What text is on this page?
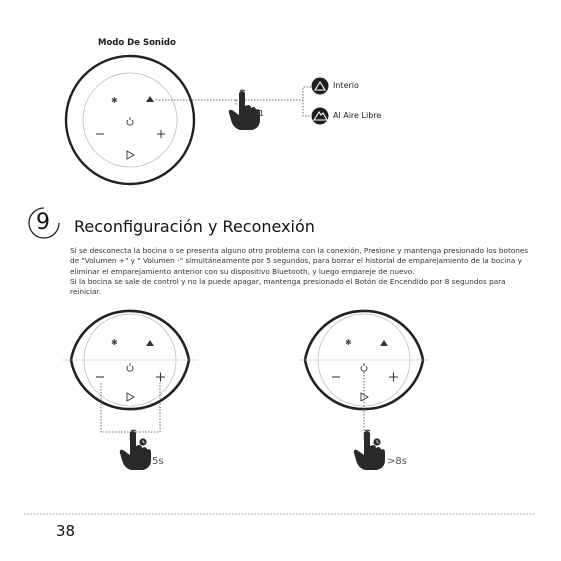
✱
✱	✱
Modo De Sonido
x1
Interio
Al Aire Libre
9	Reconfiguración y Reconexión

Si se desconecta la bocina o se presenta alguno otro problema con la conexión, Presione y mantenga presionado los botones de "Volumen +" y " Volumen -" simultáneamente por 5 segundos, para borrar el historial de emparejamiento de la bocina y eliminar el emparejamiento anterior con su dispositivo Bluetooth, y luego empareje de nuevo.

Si la bocina se sale de control y no la puede apagar, mantenga presionado el Botón de Encendido por 8 segundos para reiniciar.

5s	>8s
38
